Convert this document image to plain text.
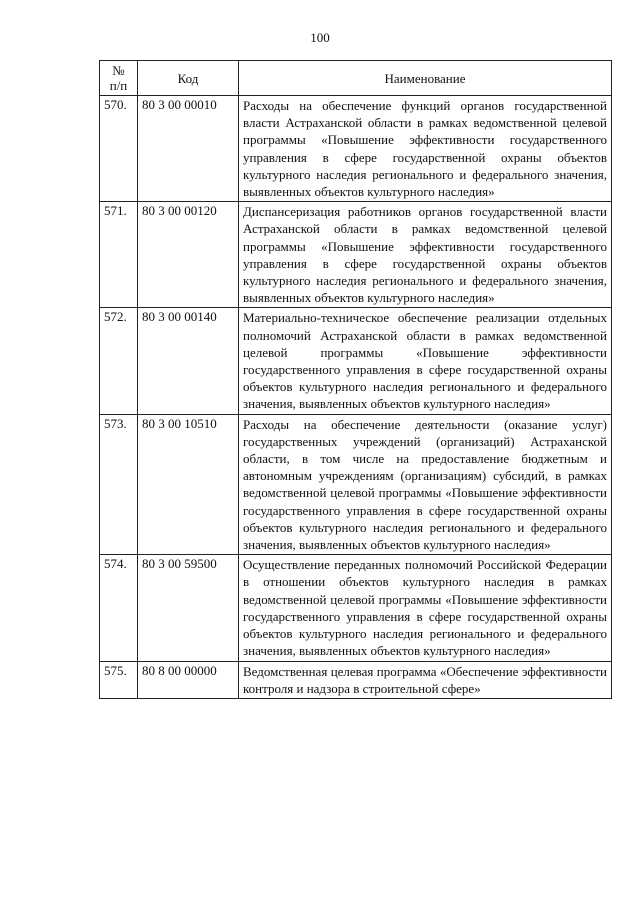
100
№
п/п	Код	Наименование
570.	80 3 00 00010	Расходы на обеспечение функций органов государственной власти Астраханской области в рамках ведомственной целевой программы «Повышение эффективности государственного управления в сфере государственной охраны объектов культурного наследия регионального и федерального значения, выявленных объектов культурного наследия»
571.	80 3 00 00120	Диспансеризация работников органов государственной власти Астраханской области в рамках ведомственной целевой программы «Повышение эффективности государственного управления в сфере государственной охраны объектов культурного наследия регионального и федерального значения, выявленных объектов культурного наследия»
572.	80 3 00 00140	Материально-техническое обеспечение реализации отдельных полномочий Астраханской области в рамках ведомственной целевой программы «Повышение эффективности государственного управления в сфере государственной охраны объектов культурного наследия регионального и федерального значения, выявленных объектов культурного наследия»
573.	80 3 00 10510	Расходы на обеспечение деятельности (оказание услуг) государственных учреждений (организаций) Астраханской области, в том числе на предоставление бюджетным и автономным учреждениям (организациям) субсидий, в рамках ведомственной целевой программы «Повышение эффективности государственного управления в сфере государственной охраны объектов культурного наследия регионального и федерального значения, выявленных объектов культурного наследия»
574.	80 3 00 59500	Осуществление переданных полномочий Российской Федерации в отношении объектов культурного наследия в рамках ведомственной целевой программы «Повышение эффективности государственного управления в сфере государственной охраны объектов культурного наследия регионального и федерального значения, выявленных объектов культурного наследия»
575.	80 8 00 00000	Ведомственная целевая программа «Обеспечение эффективности контроля и надзора в строительной сфере»
